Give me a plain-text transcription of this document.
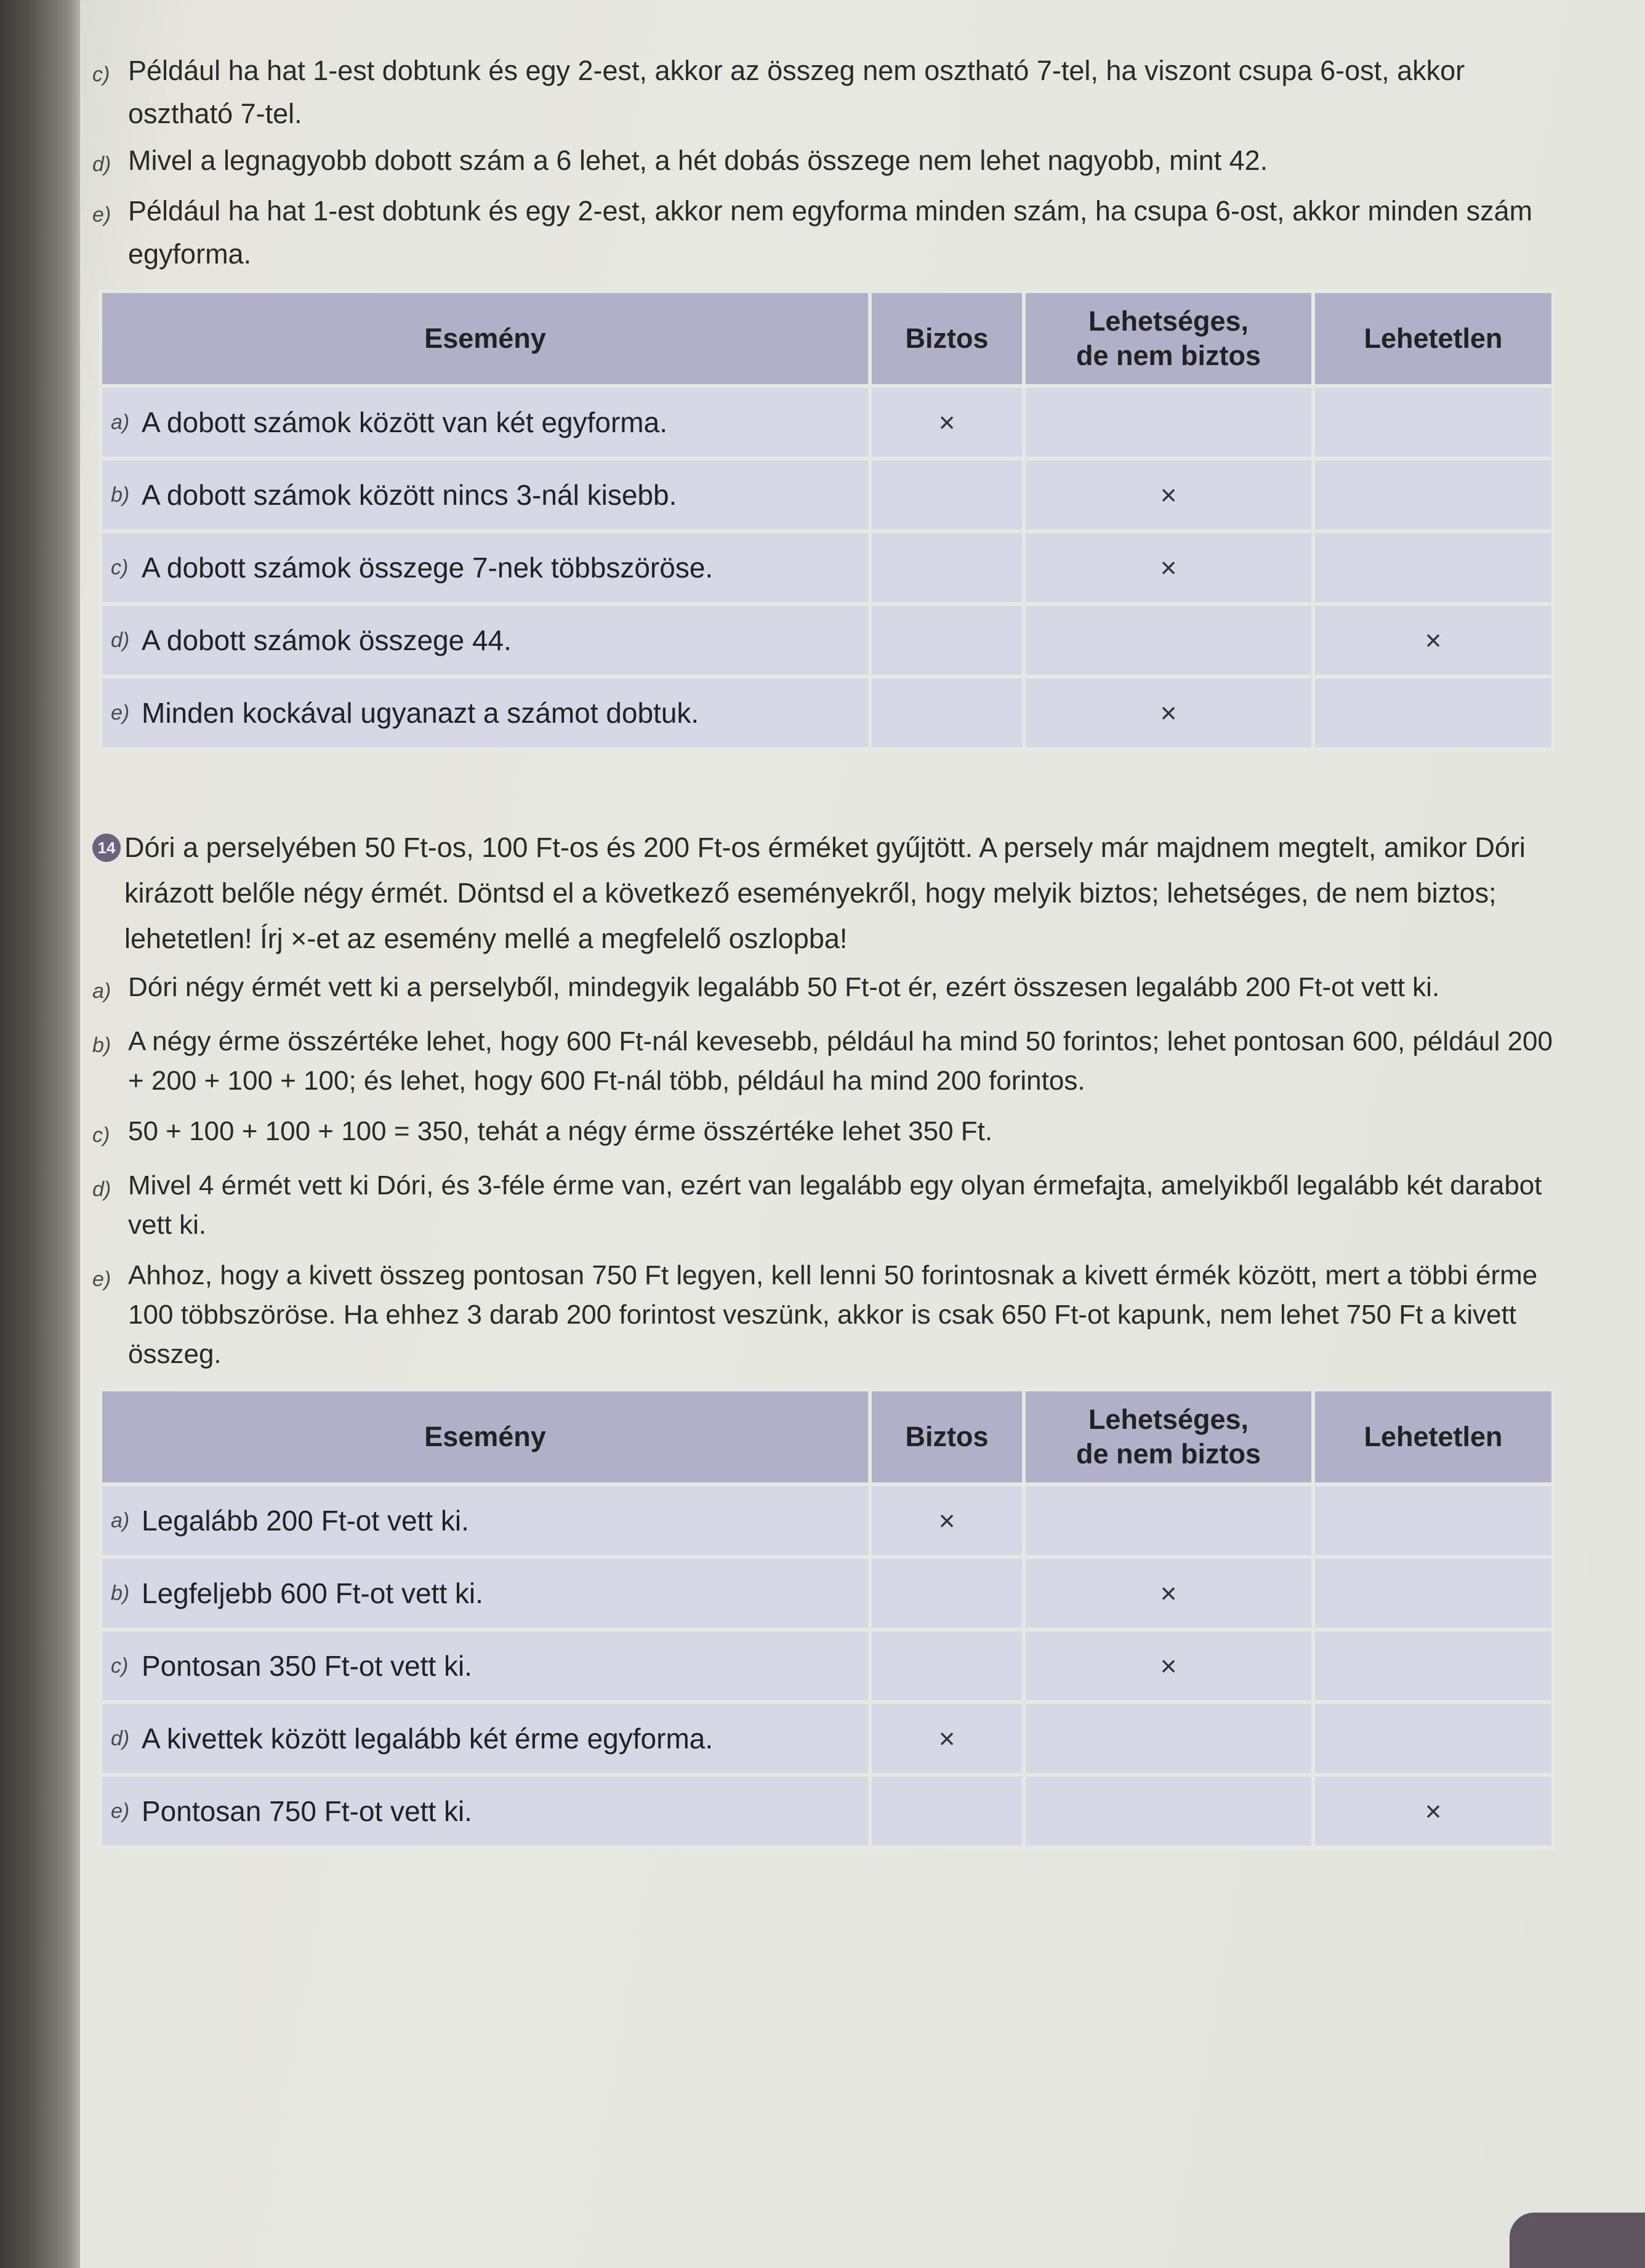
c) Például ha hat 1-est dobtunk és egy 2-est, akkor az összeg nem osztható 7-tel, ha viszont csupa 6-ost, akkor osztható 7-tel.
d) Mivel a legnagyobb dobott szám a 6 lehet, a hét dobás összege nem lehet nagyobb, mint 42.
e) Például ha hat 1-est dobtunk és egy 2-est, akkor nem egyforma minden szám, ha csupa 6-ost, akkor minden szám egyforma.
Esemény	Biztos	Lehetséges,
de nem biztos	Lehetetlen

a) A dobott számok között van két egyforma.	×		

b) A dobott számok között nincs 3-nál kisebb.		×	

c) A dobott számok összege 7-nek többszöröse.		×	

d) A dobott számok összege 44.			×

e) Minden kockával ugyanazt a számot dobtuk.		×	
14 Dóri a perselyében 50 Ft-os, 100 Ft-os és 200 Ft-os érméket gyűjtött. A persely már majdnem megtelt, amikor Dóri kirázott belőle négy érmét. Döntsd el a következő eseményekről, hogy melyik biztos; lehetséges, de nem biztos; lehetetlen! Írj ×-et az esemény mellé a megfelelő oszlopba!
a) Dóri négy érmét vett ki a perselyből, mindegyik legalább 50 Ft-ot ér, ezért összesen legalább 200 Ft-ot vett ki.
b) A négy érme összértéke lehet, hogy 600 Ft-nál kevesebb, például ha mind 50 forintos; lehet pontosan 600, például 200 + 200 + 100 + 100; és lehet, hogy 600 Ft-nál több, például ha mind 200 forintos.
c) 50 + 100 + 100 + 100 = 350, tehát a négy érme összértéke lehet 350 Ft.
d) Mivel 4 érmét vett ki Dóri, és 3-féle érme van, ezért van legalább egy olyan érmefajta, amelyikből legalább két darabot vett ki.
e) Ahhoz, hogy a kivett összeg pontosan 750 Ft legyen, kell lenni 50 forintosnak a kivett érmék között, mert a többi érme 100 többszöröse. Ha ehhez 3 darab 200 forintost veszünk, akkor is csak 650 Ft-ot kapunk, nem lehet 750 Ft a kivett összeg.
Esemény	Biztos	Lehetséges,
de nem biztos	Lehetetlen

a) Legalább 200 Ft-ot vett ki.	×		

b) Legfeljebb 600 Ft-ot vett ki.		×	

c) Pontosan 350 Ft-ot vett ki.		×	

d) A kivettek között legalább két érme egyforma.	×		

e) Pontosan 750 Ft-ot vett ki.			×
